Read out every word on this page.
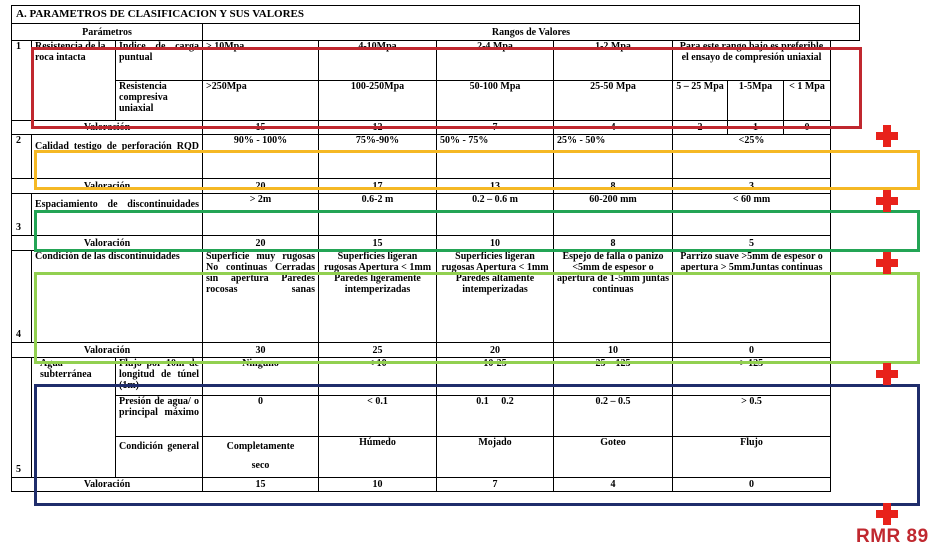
A. PARAMETROS DE CLASIFICACION Y SUS VALORES											
Parámetros			Rangos de Valores								
1	Resistencia de la roca intacta	Índice de carga puntual	> 10Mpa	4-10Mpa	2-4 Mpa	1-2 Mpa	Para este rango bajo es preferible el ensayo de compresión uniaxial				
		Resistencia compresiva uniaxial	>250Mpa	100-250Mpa	50-100 Mpa	25-50 Mpa	5 – 25 Mpa	1-5Mpa	< 1 Mpa		
Valoración			15	12	7	4	2	1	0		
2	Calidad testigo de perforación RQD		90% - 100%	75%-90%	50% - 75%	25% - 50%	<25%				
Valoración			20	17	13	8	3				
3	Espaciamiento de discontinuidades		> 2m	0.6-2 m	0.2 – 0.6 m	60-200 mm	< 60 mm				
Valoración			20	15	10	8	5				
4	Condición de las discontinuidades		Superficie muy rugosas No continuas Cerradas sin apertura Paredes rocosas sanas	Superficies ligeran rugosas Apertura < 1mm Paredes ligeramente intemperizadas	Superficies ligeran rugosas Apertura < 1mm Paredes altamente intemperizadas	Espejo de falla o panizo <5mm de espesor o apertura de 1-5mm juntas continuas	Parrizo suave >5mm de espesor o apertura > 5mmJuntas continuas				
Valoración			30	25	20	10	0				
5	Agua subterránea	Flujo por 10m de longitud de túnel (1m)	Ninguno	< 10	10-25	25 – 125	> 125				
		Presión de agua/ o principal máximo	0	< 0.1	0.1     0.2	0.2 – 0.5	> 0.5				
		Condición general	Completamente seco	Húmedo	Mojado	Goteo	Flujo				
Valoración			15	10	7	4	0				
RMR 89
